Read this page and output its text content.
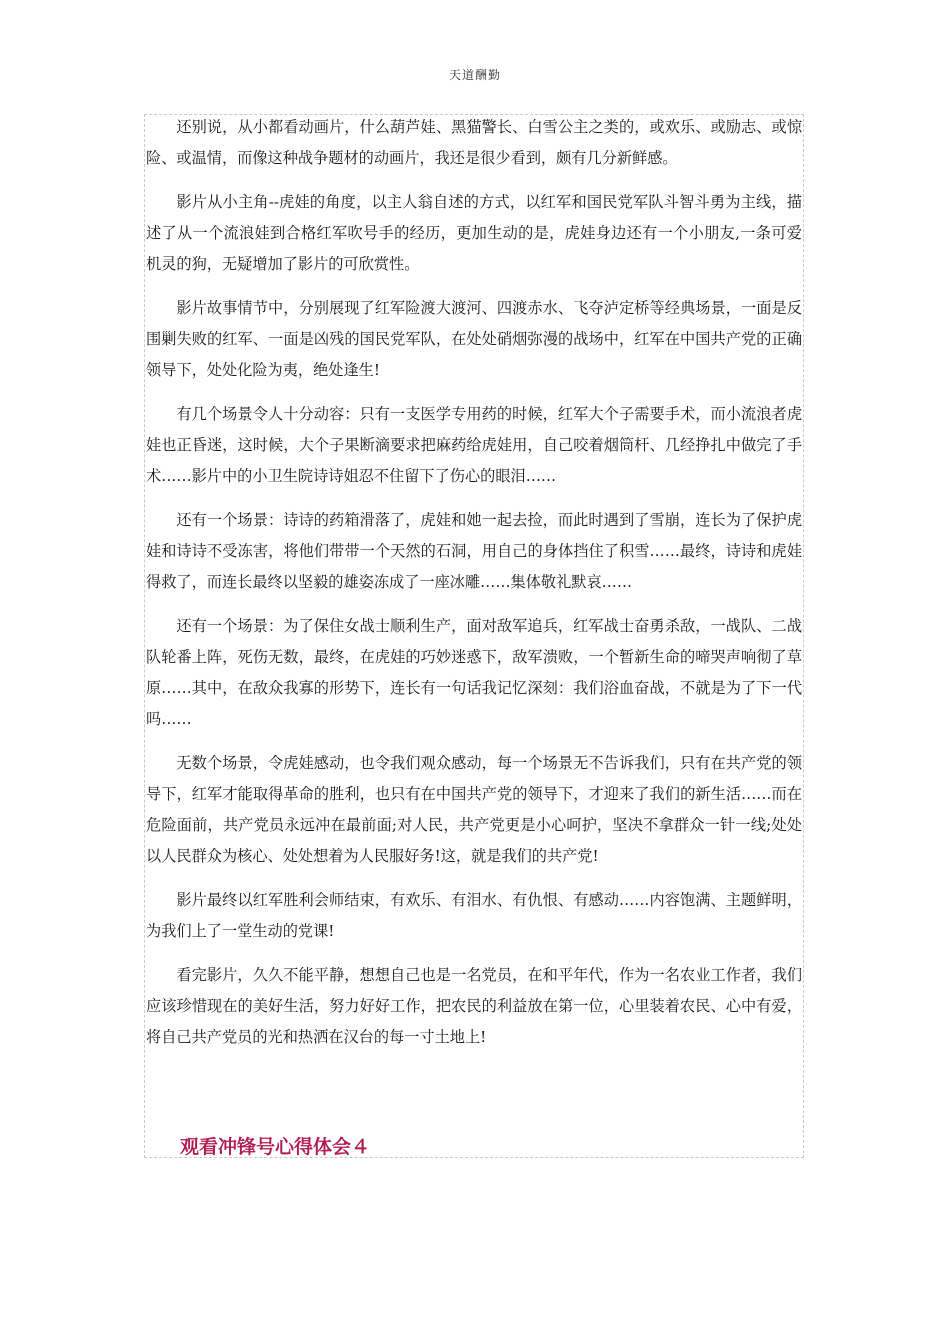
天道酬勤

还别说，从小都看动画片，什么葫芦娃、黑猫警长、白雪公主之类的，或欢乐、或励志、或惊险、或温情，而像这种战争题材的动画片，我还是很少看到，颇有几分新鲜感。

影片从小主角--虎娃的角度，以主人翁自述的方式，以红军和国民党军队斗智斗勇为主线，描述了从一个流浪娃到合格红军吹号手的经历，更加生动的是，虎娃身边还有一个小朋友,一条可爱机灵的狗，无疑增加了影片的可欣赏性。

影片故事情节中，分别展现了红军险渡大渡河、四渡赤水、飞夺泸定桥等经典场景，一面是反围剿失败的红军、一面是凶残的国民党军队，在处处硝烟弥漫的战场中，红军在中国共产党的正确领导下，处处化险为夷，绝处逢生!

有几个场景令人十分动容：只有一支医学专用药的时候，红军大个子需要手术，而小流浪者虎娃也正昏迷，这时候，大个子果断滴要求把麻药给虎娃用，自己咬着烟筒杆、几经挣扎中做完了手术……影片中的小卫生院诗诗姐忍不住留下了伤心的眼泪……

还有一个场景：诗诗的药箱滑落了，虎娃和她一起去捡，而此时遇到了雪崩，连长为了保护虎娃和诗诗不受冻害，将他们带带一个天然的石洞，用自己的身体挡住了积雪……最终，诗诗和虎娃得救了，而连长最终以坚毅的雄姿冻成了一座冰雕……集体敬礼默哀……

还有一个场景：为了保住女战士顺利生产，面对敌军追兵，红军战士奋勇杀敌，一战队、二战队轮番上阵，死伤无数，最终，在虎娃的巧妙迷惑下，敌军溃败，一个暂新生命的啼哭声响彻了草原……其中，在敌众我寡的形势下，连长有一句话我记忆深刻：我们浴血奋战，不就是为了下一代吗……

无数个场景，令虎娃感动，也令我们观众感动，每一个场景无不告诉我们，只有在共产党的领导下，红军才能取得革命的胜利，也只有在中国共产党的领导下，才迎来了我们的新生活……而在危险面前，共产党员永远冲在最前面;对人民，共产党更是小心呵护，坚决不拿群众一针一线;处处以人民群众为核心、处处想着为人民服好务!这，就是我们的共产党!

影片最终以红军胜利会师结束，有欢乐、有泪水、有仇恨、有感动……内容饱满、主题鲜明，为我们上了一堂生动的党课!

看完影片，久久不能平静，想想自己也是一名党员，在和平年代，作为一名农业工作者，我们应该珍惜现在的美好生活，努力好好工作，把农民的利益放在第一位，心里装着农民、心中有爱，将自己共产党员的光和热洒在汉台的每一寸土地上!

观看冲锋号心得体会４
